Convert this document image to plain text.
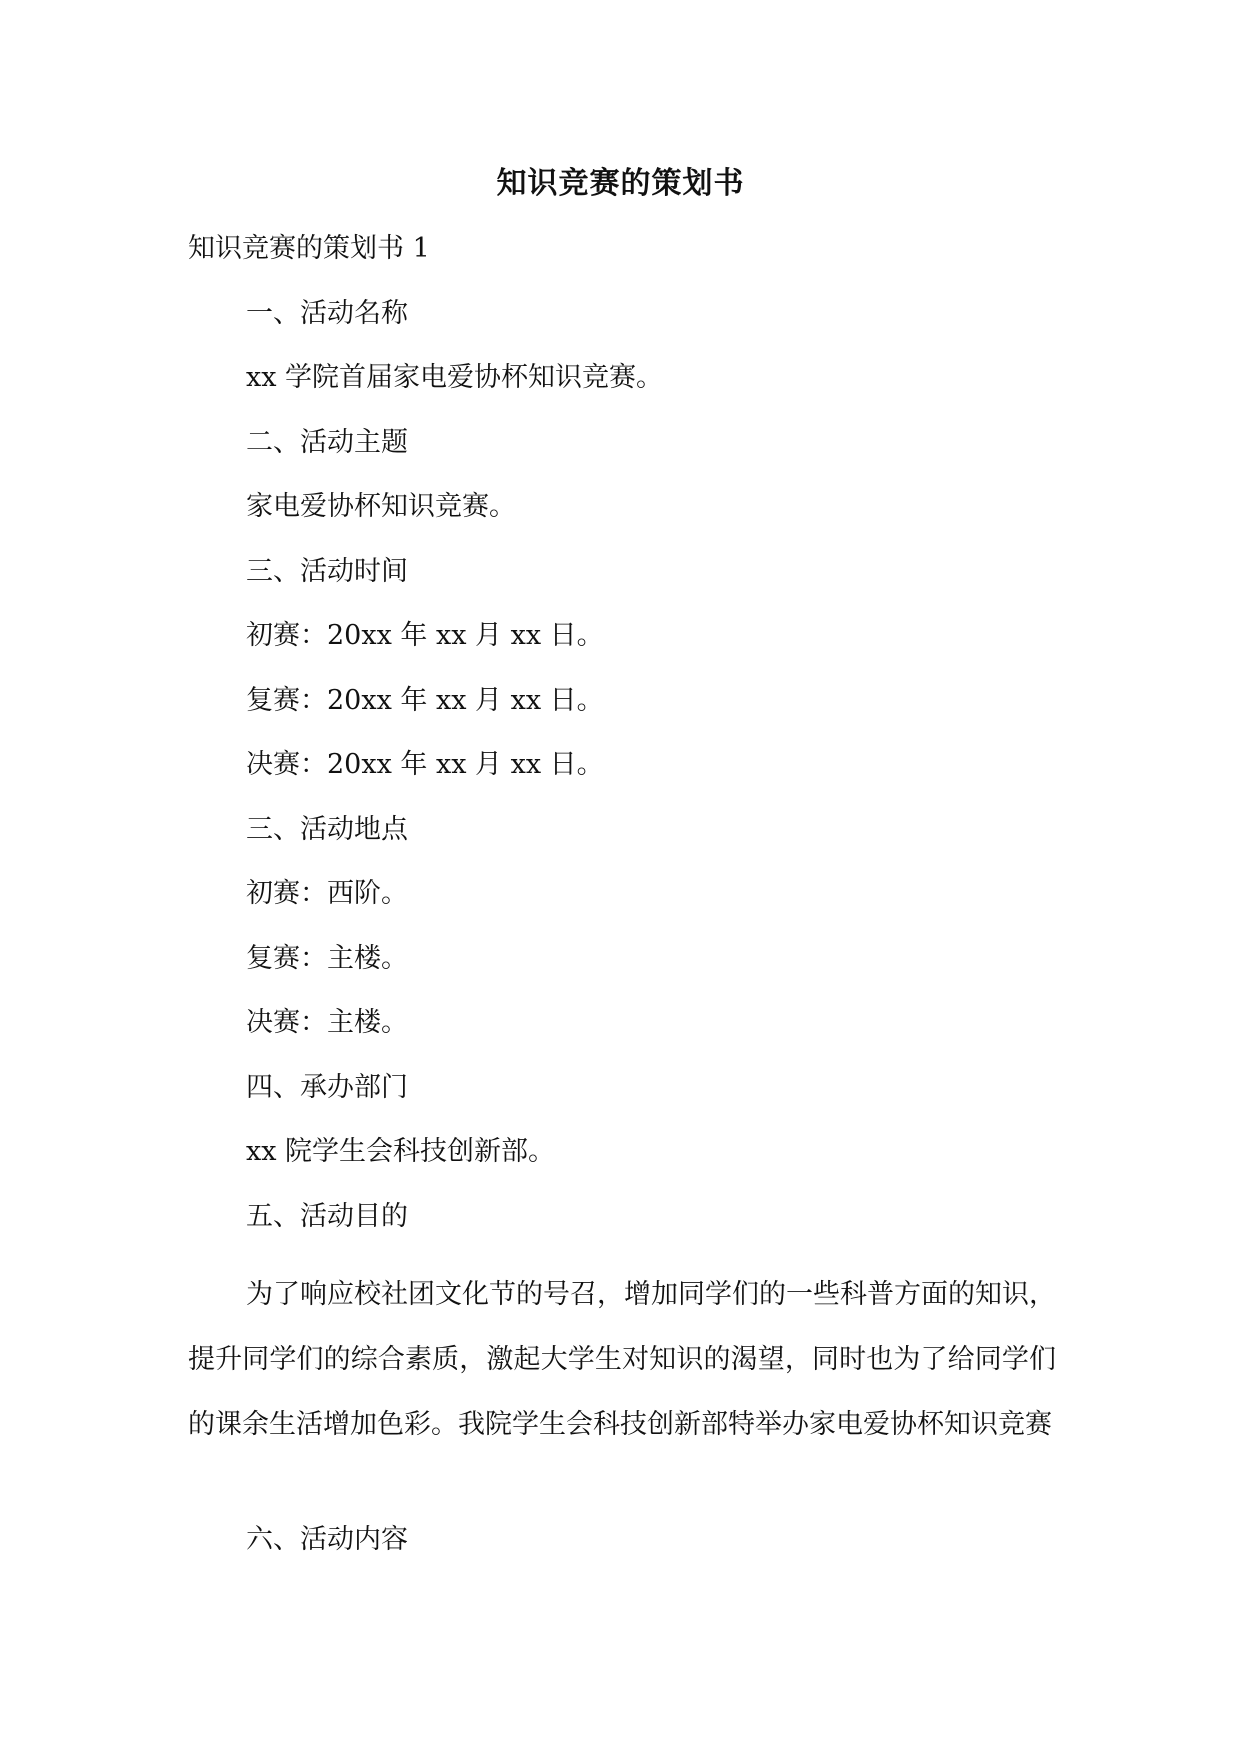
知识竞赛的策划书
知识竞赛的策划书 1
一、活动名称
xx 学院首届家电爱协杯知识竞赛。
二、活动主题
家电爱协杯知识竞赛。
三、活动时间
初赛：20xx 年 xx 月 xx 日。
复赛：20xx 年 xx 月 xx 日。
决赛：20xx 年 xx 月 xx 日。
三、活动地点
初赛：西阶。
复赛：主楼。
决赛：主楼。
四、承办部门
xx 院学生会科技创新部。
五、活动目的
为了响应校社团文化节的号召，增加同学们的一些科普方面的知识，提升同学们的综合素质，激起大学生对知识的渴望，同时也为了给同学们的课余生活增加色彩。我院学生会科技创新部特举办家电爱协杯知识竞赛
六、活动内容
